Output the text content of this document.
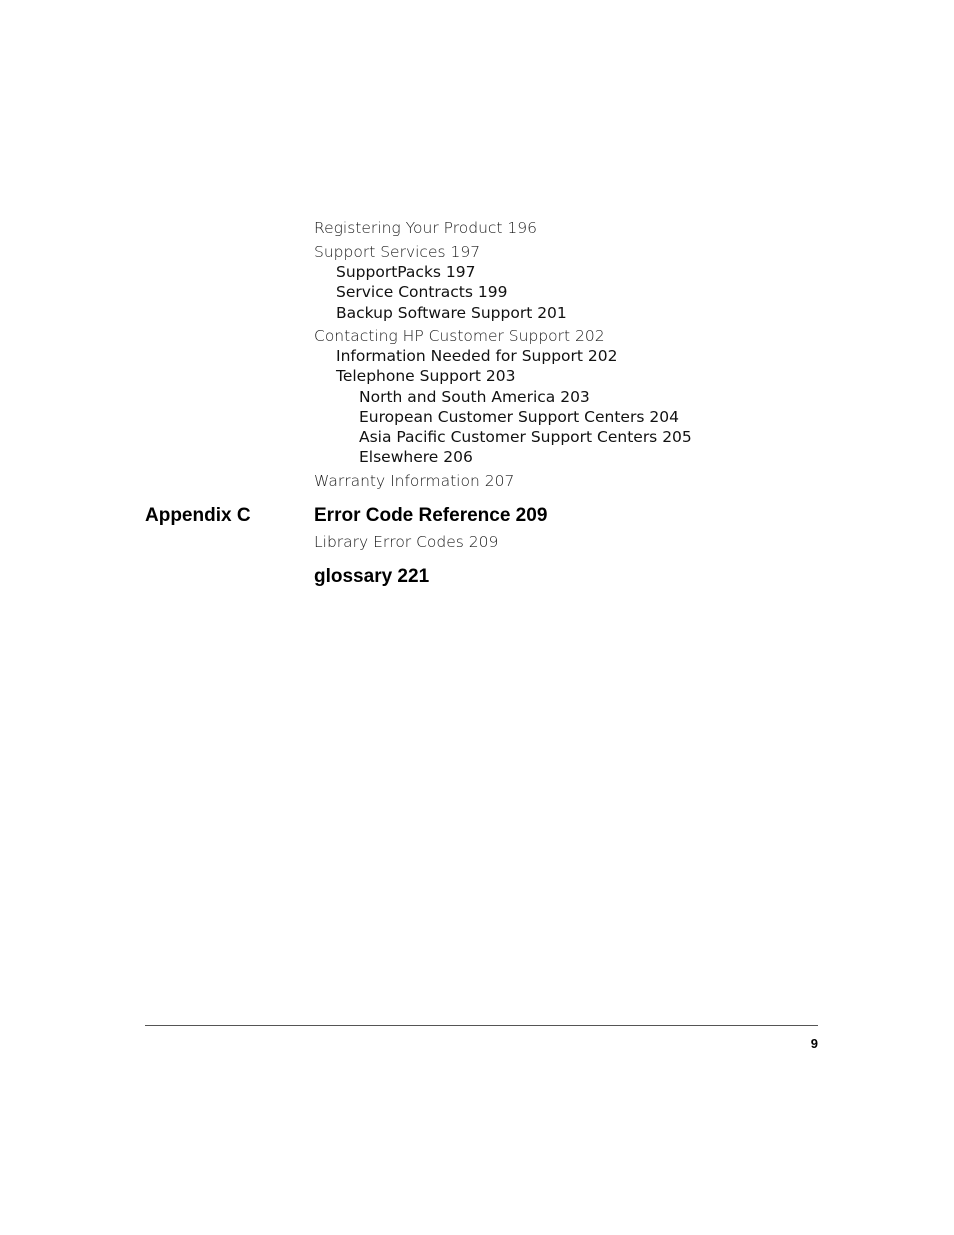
Registering Your Product 196
Support Services 197
SupportPacks 197
Service Contracts 199
Backup Software Support 201
Contacting HP Customer Support 202
Information Needed for Support 202
Telephone Support 203
North and South America 203
European Customer Support Centers 204
Asia Pacific Customer Support Centers 205
Elsewhere 206
Warranty Information 207
Appendix C	Error Code Reference 209
Library Error Codes 209
glossary 221
9
